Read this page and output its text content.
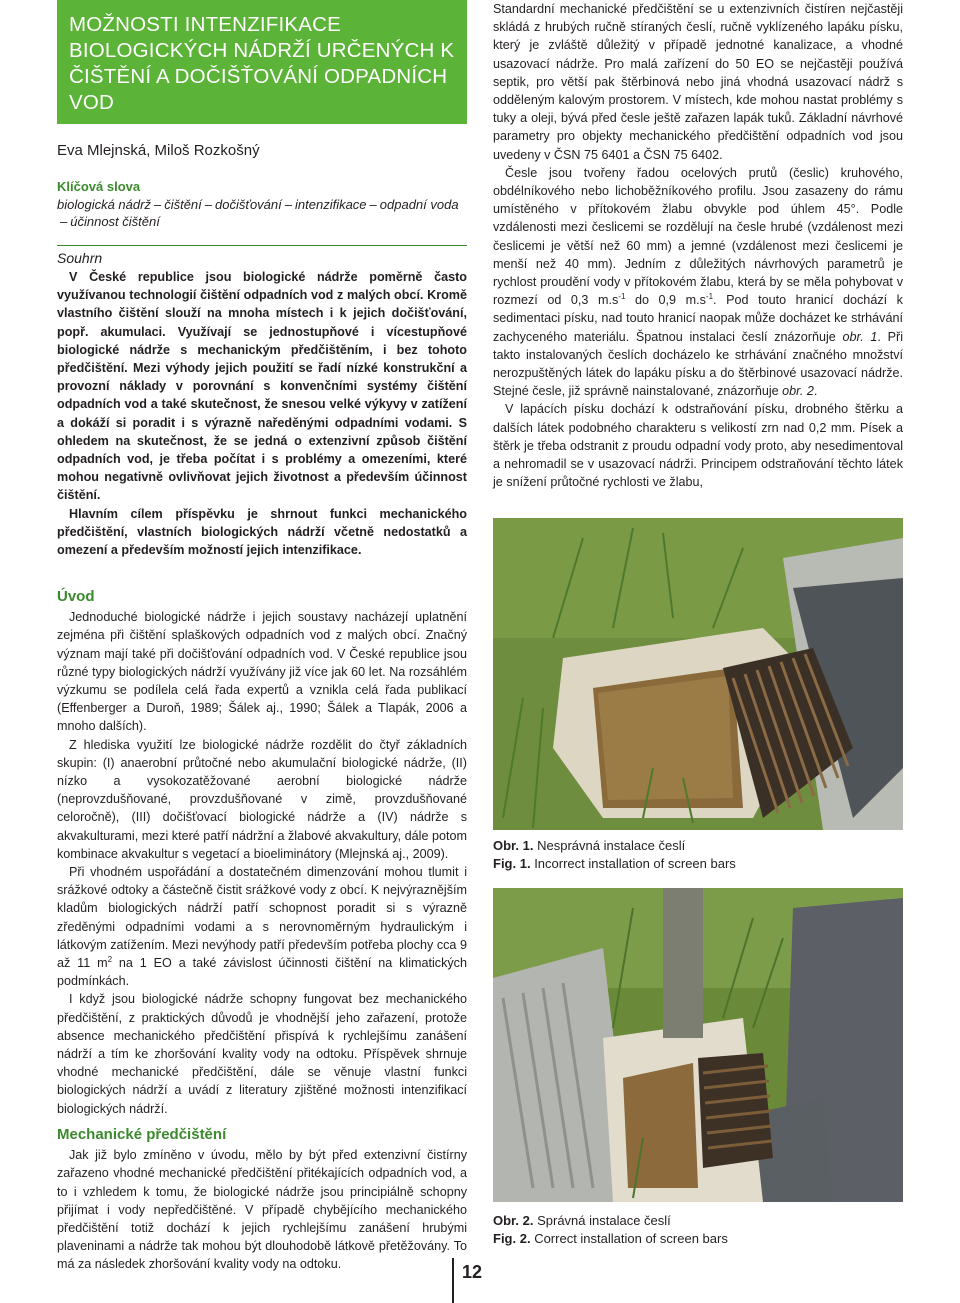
MOŽNOSTI INTENZIFIKACE BIOLOGICKÝCH NÁDRŽÍ URČENÝCH K ČIŠTĚNÍ A DOČIŠŤOVÁNÍ ODPADNÍCH VOD
Eva Mlejnská, Miloš Rozkošný
Klíčová slova
biologická nádrž – čištění – dočišťování – intenzifikace – odpadní voda
– účinnost čištění
Souhrn

V České republice jsou biologické nádrže poměrně často využívanou technologií čištění odpadních vod z malých obcí. Kromě vlastního čištění slouží na mnoha místech i k jejich dočišťování, popř. akumulaci. Využívají se jednostupňové i vícestupňové biologické nádrže s mechanickým předčištěním, i bez tohoto předčištění. Mezi výhody jejich použití se řadí nízké konstrukční a provozní náklady v porovnání s konvenčními systémy čištění odpadních vod a také skutečnost, že snesou velké výkyvy v zatížení a dokáží si poradit i s výrazně naředěnými odpadními vodami. S ohledem na skutečnost, že se jedná o extenzivní způsob čištění odpadních vod, je třeba počítat i s problémy a omezeními, které mohou negativně ovlivňovat jejich životnost a především účinnost čištění.

Hlavním cílem příspěvku je shrnout funkci mechanického předčištění, vlastních biologických nádrží včetně nedostatků a omezení a především možností jejich intenzifikace.

Úvod

Jednoduché biologické nádrže i jejich soustavy nacházejí uplatnění zejména při čištění splaškových odpadních vod z malých obcí. Značný význam mají také při dočišťování odpadních vod. V České republice jsou různé typy biologických nádrží využívány již více jak 60 let. Na rozsáhlém výzkumu se podílela celá řada expertů a vznikla celá řada publikací (Effenberger a Duroň, 1989; Šálek aj., 1990; Šálek a Tlapák, 2006 a mnoho dalších).

Z hlediska využití lze biologické nádrže rozdělit do čtyř základních skupin: (I) anaerobní průtočné nebo akumulační biologické nádrže, (II) nízko a vysokozatěžované aerobní biologické nádrže (neprovzdušňované, provzdušňované v zimě, provzdušňované celoročně), (III) dočišťovací biologické nádrže a (IV) nádrže s akvakulturami, mezi které patří nádržní a žlabové akvakultury, dále potom kombinace akvakultur s vegetací a bioeliminátory (Mlejnská aj., 2009).

Při vhodném uspořádání a dostatečném dimenzování mohou tlumit i srážkové odtoky a částečně čistit srážkové vody z obcí. K nejvýraznějším kladům biologických nádrží patří schopnost poradit si s výrazně zředěnými odpadními vodami a s nerovnoměrným hydraulickým i látkovým zatížením. Mezi nevýhody patří především potřeba plochy cca 9 až 11 $m^2$ na 1 EO a také závislost účinnosti čištění na klimatických podmínkách.

I když jsou biologické nádrže schopny fungovat bez mechanického předčištění, z praktických důvodů je vhodnější jeho zařazení, protože absence mechanického předčištění přispívá k rychlejšímu zanášení nádrží a tím ke zhoršování kvality vody na odtoku. Příspěvek shrnuje vhodné mechanické předčištění, dále se věnuje vlastní funkci biologických nádrží a uvádí z literatury zjištěné možnosti intenzifikací biologických nádrží.

Mechanické předčištění

Jak již bylo zmíněno v úvodu, mělo by být před extenzivní čistírny zařazeno vhodné mechanické předčištění přitékajících odpadních vod, a to i vzhledem k tomu, že biologické nádrže jsou principiálně schopny přijímat i vody nepředčištěné. V případě chybějícího mechanického předčištění totiž dochází k jejich rychlejšímu zanášení hrubými plaveninami a nádrže tak mohou být dlouhodobě látkově přetěžovány. To má za následek zhoršování kvality vody na odtoku.

Standardní mechanické předčištění se u extenzivních čistíren nejčastěji skládá z hrubých ručně stíraných česlí, ručně vyklízeného lapáku písku, který je zvláště důležitý v případě jednotné kanalizace, a vhodné usazovací nádrže. Pro malá zařízení do 50 EO se nejčastěji používá septik, pro větší pak štěrbinová nebo jiná vhodná usazovací nádrž s odděleným kalovým prostorem. V místech, kde mohou nastat problémy s tuky a oleji, bývá před česle ještě zařazen lapák tuků. Základní návrhové parametry pro objekty mechanického předčištění odpadních vod jsou uvedeny v ČSN 75 6401 a ČSN 75 6402.

Česle jsou tvořeny řadou ocelových prutů (česlic) kruhového, obdélníkového nebo lichoběžníkového profilu. Jsou zasazeny do rámu umístěného v přítokovém žlabu obvykle pod úhlem 45°. Podle vzdálenosti mezi česlicemi se rozdělují na česle hrubé (vzdálenost mezi česlicemi je větší než 60 mm) a jemné (vzdálenost mezi česlicemi je menší než 40 mm). Jedním z důležitých návrhových parametrů je rychlost proudění vody v přítokovém žlabu, která by se měla pohybovat v rozmezí od 0,3 $m.s^{-1}$ do 0,9 $m.s^{-1}$. Pod touto hranicí dochází k sedimentaci písku, nad touto hranicí naopak může docházet ke strhávání zachyceného materiálu. Špatnou instalaci česlí znázorňuje obr. 1. Při takto instalovaných česlích docházelo ke strhávání značného množství nerozpuštěných látek do lapáku písku a do štěrbinové usazovací nádrže. Stejné česle, již správně nainstalované, znázorňuje obr. 2.

V lapácích písku dochází k odstraňování písku, drobného štěrku a dalších látek podobného charakteru s velikostí zrn nad 0,2 mm. Písek a štěrk je třeba odstranit z proudu odpadní vody proto, aby nesedimentoval a nehromadil se v usazovací nádrži. Principem odstraňování těchto látek je snížení průtočné rychlosti ve žlabu,

Obr. 1. Nesprávná instalace česlí
Fig. 1. Incorrect installation of screen bars
Obr. 2. Správná instalace česlí
Fig. 2. Correct installation of screen bars
12
